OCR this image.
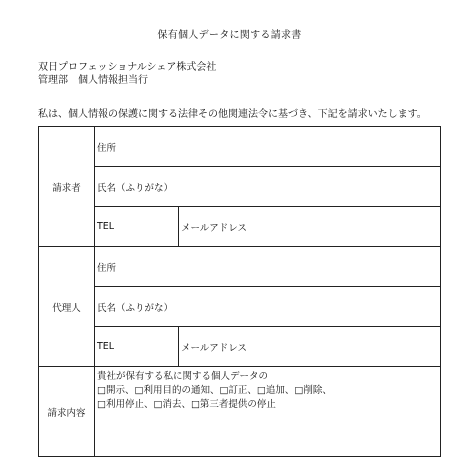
保有個人データに関する請求書
双日プロフェッショナルシェア株式会社
管理部　個人情報担当行
私は、個人情報の保護に関する法律その他関連法令に基づき、下記を請求いたします。
請求者	住所	
	氏名（ふりがな）	
	TEL	メールアドレス
代理人	住所	
	氏名（ふりがな）	
	TEL	メールアドレス
請求内容	貴社が保有する私に関する個人データの
□開示、□利用目的の通知、□訂正、□追加、□削除、
□利用停止、□消去、□第三者提供の停止	
